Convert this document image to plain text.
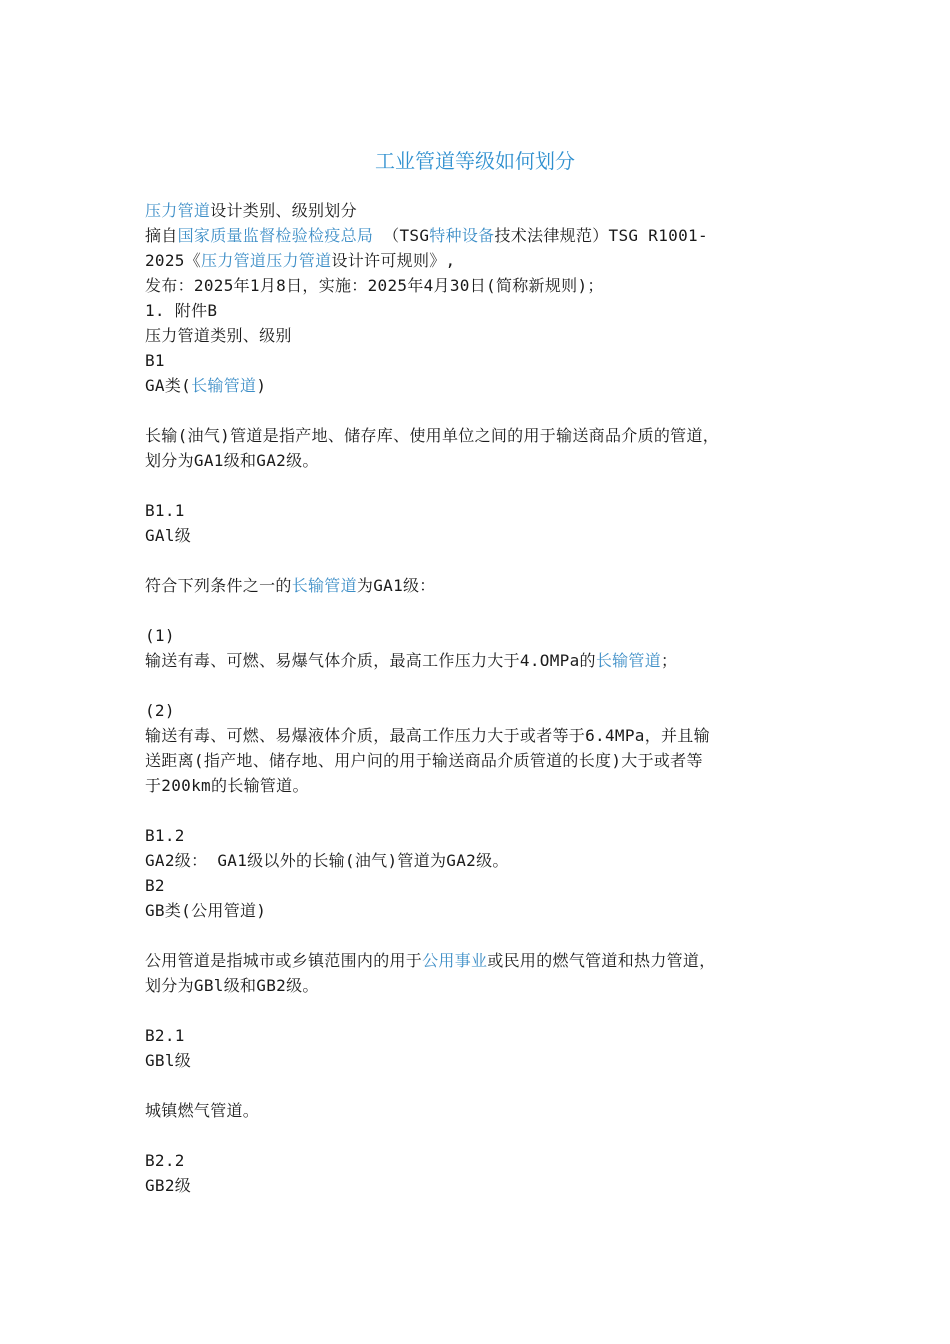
工业管道等级如何划分
压力管道设计类别、级别划分
摘自国家质量监督检验检疫总局 （TSG特种设备技术法律规范）TSG R1001-
2025《压力管道压力管道设计许可规则》,
发布：2025年1月8日，实施：2025年4月30日(简称新规则)；
1. 附件B
压力管道类别、级别
B1
GA类(长输管道)
长输(油气)管道是指产地、储存库、使用单位之间的用于输送商品介质的管道，
划分为GA1级和GA2级。
B1.1
GAl级
符合下列条件之一的长输管道为GA1级：
(1)
输送有毒、可燃、易爆气体介质，最高工作压力大于4.OMPa的长输管道；
(2)
输送有毒、可燃、易爆液体介质，最高工作压力大于或者等于6.4MPa，并且输
送距离(指产地、储存地、用户问的用于输送商品介质管道的长度)大于或者等
于200km的长输管道。
B1.2
GA2级： GA1级以外的长输(油气)管道为GA2级。
B2
GB类(公用管道)
公用管道是指城市或乡镇范围内的用于公用事业或民用的燃气管道和热力管道，
划分为GBl级和GB2级。
B2.1
GBl级
城镇燃气管道。
B2.2
GB2级
